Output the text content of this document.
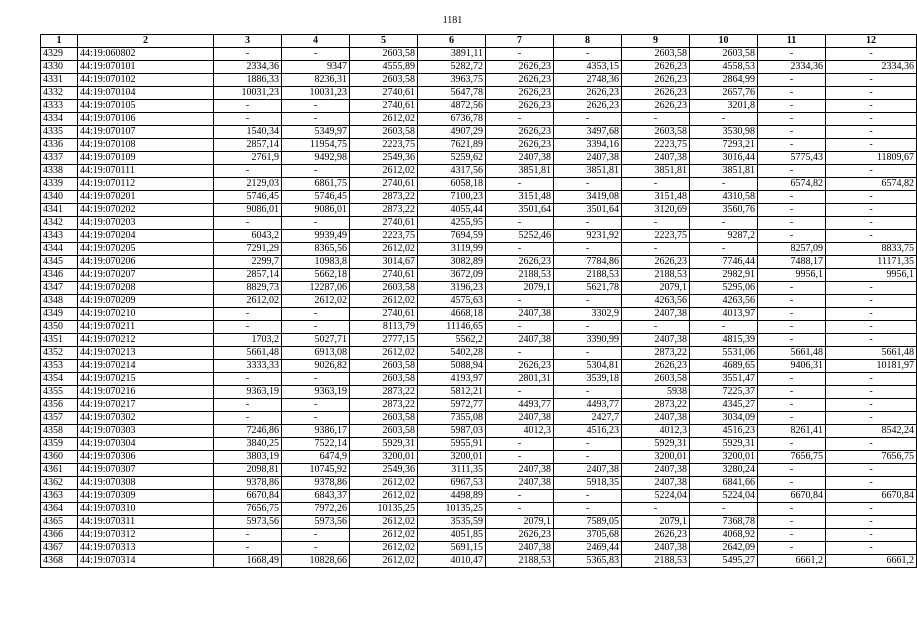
1181
1	2	3	4	5	6	7	8	9	10	11	12
4329	44:19:060802	-	-	2603,58	3891,11	-	-	2603,58	2603,58	-	-
4330	44:19:070101	2334,36	9347	4555,89	5282,72	2626,23	4353,15	2626,23	4558,53	2334,36	2334,36
4331	44:19:070102	1886,33	8236,31	2603,58	3963,75	2626,23	2748,36	2626,23	2864,99	-	-
4332	44:19:070104	10031,23	10031,23	2740,61	5647,78	2626,23	2626,23	2626,23	2657,76	-	-
4333	44:19:070105	-	-	2740,61	4872,56	2626,23	2626,23	2626,23	3201,8	-	-
4334	44:19:070106	-	-	2612,02	6736,78	-	-	-	-	-	-
4335	44:19:070107	1540,34	5349,97	2603,58	4907,29	2626,23	3497,68	2603,58	3530,98	-	-
4336	44:19:070108	2857,14	11954,75	2223,75	7621,89	2626,23	3394,16	2223,75	7293,21	-	-
4337	44:19:070109	2761,9	9492,98	2549,36	5259,62	2407,38	2407,38	2407,38	3016,44	5775,43	11809,67
4338	44:19:070111	-	-	2612,02	4317,56	3851,81	3851,81	3851,81	3851,81	-	-
4339	44:19:070112	2129,03	6861,75	2740,61	6058,18	-	-	-	-	6574,82	6574,82
4340	44:19:070201	5746,45	5746,45	2873,22	7100,23	3151,48	3419,08	3151,48	4310,58	-	-
4341	44:19:070202	9086,01	9086,01	2873,22	4055,44	3501,64	3501,64	3120,69	3560,76	-	-
4342	44:19:070203	-	-	2740,61	4255,95	-	-	-	-	-	-
4343	44:19:070204	6043,2	9939,49	2223,75	7694,59	5252,46	9231,92	2223,75	9287,2	-	-
4344	44:19:070205	7291,29	8365,56	2612,02	3119,99	-	-	-	-	8257,09	8833,75
4345	44:19:070206	2299,7	10983,8	3014,67	3082,89	2626,23	7784,86	2626,23	7746,44	7488,17	11171,35
4346	44:19:070207	2857,14	5662,18	2740,61	3672,09	2188,53	2188,53	2188,53	2982,91	9956,1	9956,1
4347	44:19:070208	8829,73	12287,06	2603,58	3196,23	2079,1	5621,78	2079,1	5295,06	-	-
4348	44:19:070209	2612,02	2612,02	2612,02	4575,63	-	-	4263,56	4263,56	-	-
4349	44:19:070210	-	-	2740,61	4668,18	2407,38	3302,9	2407,38	4013,97	-	-
4350	44:19:070211	-	-	8113,79	11146,65	-	-	-	-	-	-
4351	44:19:070212	1703,2	5027,71	2777,15	5562,2	2407,38	3390,99	2407,38	4815,39	-	-
4352	44:19:070213	5661,48	6913,08	2612,02	5402,28	-	-	2873,22	5531,06	5661,48	5661,48
4353	44:19:070214	3333,33	9026,82	2603,58	5088,94	2626,23	5304,81	2626,23	4689,65	9406,31	10181,97
4354	44:19:070215	-	-	2603,58	4193,97	2801,31	3539,18	2603,58	3551,47	-	-
4355	44:19:070216	9363,19	9363,19	2873,22	5812,21	-	-	5938	7225,37	-	-
4356	44:19:070217	-	-	2873,22	5972,77	4493,77	4493,77	2873,22	4345,27	-	-
4357	44:19:070302	-	-	2603,58	7355,08	2407,38	2427,7	2407,38	3034,09	-	-
4358	44:19:070303	7246,86	9386,17	2603,58	5987,03	4012,3	4516,23	4012,3	4516,23	8261,41	8542,24
4359	44:19:070304	3840,25	7522,14	5929,31	5955,91	-	-	5929,31	5929,31	-	-
4360	44:19:070306	3803,19	6474,9	3200,01	3200,01	-	-	3200,01	3200,01	7656,75	7656,75
4361	44:19:070307	2098,81	10745,92	2549,36	3111,35	2407,38	2407,38	2407,38	3280,24	-	-
4362	44:19:070308	9378,86	9378,86	2612,02	6967,53	2407,38	5918,35	2407,38	6841,66	-	-
4363	44:19:070309	6670,84	6843,37	2612,02	4498,89	-	-	5224,04	5224,04	6670,84	6670,84
4364	44:19:070310	7656,75	7972,26	10135,25	10135,25	-	-	-	-	-	-
4365	44:19:070311	5973,56	5973,56	2612,02	3535,59	2079,1	7589,05	2079,1	7368,78	-	-
4366	44:19:070312	-	-	2612,02	4051,85	2626,23	3705,68	2626,23	4068,92	-	-
4367	44:19:070313	-	-	2612,02	5691,15	2407,38	2469,44	2407,38	2642,09	-	-
4368	44:19:070314	1668,49	10828,66	2612,02	4010,47	2188,53	5365,83	2188,53	5495,27	6661,2	6661,2
